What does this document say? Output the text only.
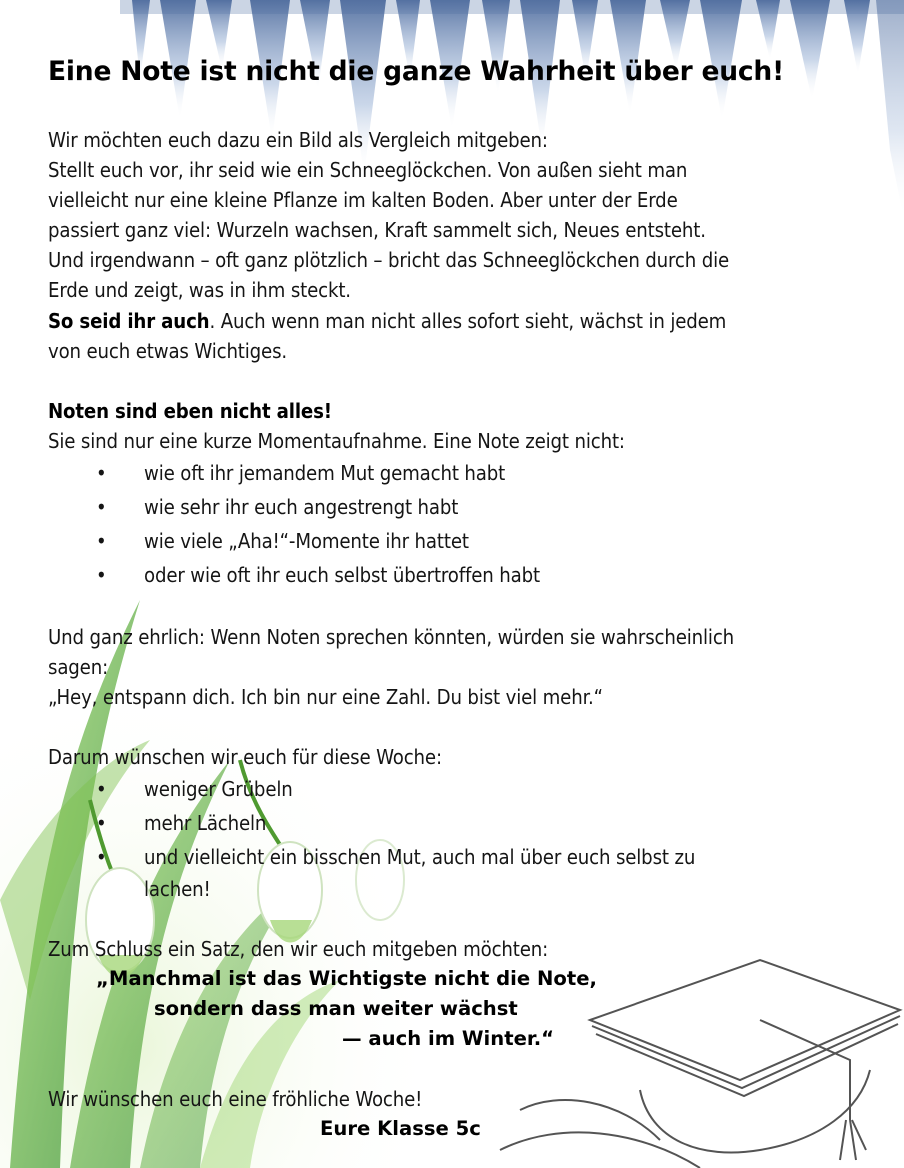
Eine Note ist nicht die ganze Wahrheit über euch!
Wir möchten euch dazu ein Bild als Vergleich mitgeben:
Stellt euch vor, ihr seid wie ein Schneeglöckchen. Von außen sieht man
vielleicht nur eine kleine Pflanze im kalten Boden. Aber unter der Erde
passiert ganz viel: Wurzeln wachsen, Kraft sammelt sich, Neues entsteht.
Und irgendwann – oft ganz plötzlich – bricht das Schneeglöckchen durch die
Erde und zeigt, was in ihm steckt.
So seid ihr auch. Auch wenn man nicht alles sofort sieht, wächst in jedem
von euch etwas Wichtiges.
Noten sind eben nicht alles!
Sie sind nur eine kurze Momentaufnahme. Eine Note zeigt nicht:
• wie oft ihr jemandem Mut gemacht habt
• wie sehr ihr euch angestrengt habt
• wie viele „Aha!“-Momente ihr hattet
• oder wie oft ihr euch selbst übertroffen habt
Und ganz ehrlich: Wenn Noten sprechen könnten, würden sie wahrscheinlich
sagen:
„Hey, entspann dich. Ich bin nur eine Zahl. Du bist viel mehr.“
Darum wünschen wir euch für diese Woche:
• weniger Grübeln
• mehr Lächeln
• und vielleicht ein bisschen Mut, auch mal über euch selbst zu
lachen!
Zum Schluss ein Satz, den wir euch mitgeben möchten:
„Manchmal ist das Wichtigste nicht die Note,
sondern dass man weiter wächst
— auch im Winter.“
Wir wünschen euch eine fröhliche Woche!
Eure Klasse 5c
